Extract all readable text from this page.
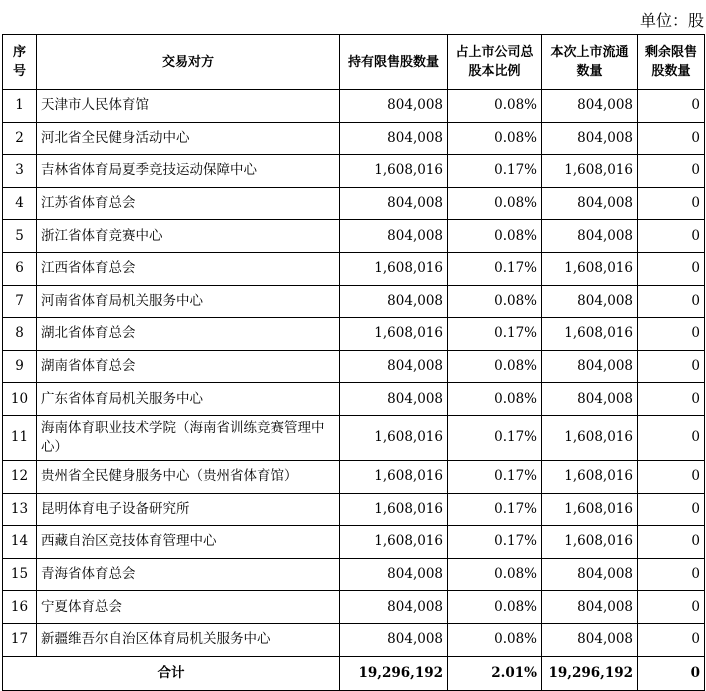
单位：股
序号	交易对方	持有限售股数量	占上市公司总股本比例	本次上市流通数量	剩余限售股数量
1	天津市人民体育馆	804,008	0.08%	804,008	0
2	河北省全民健身活动中心	804,008	0.08%	804,008	0
3	吉林省体育局夏季竞技运动保障中心	1,608,016	0.17%	1,608,016	0
4	江苏省体育总会	804,008	0.08%	804,008	0
5	浙江省体育竞赛中心	804,008	0.08%	804,008	0
6	江西省体育总会	1,608,016	0.17%	1,608,016	0
7	河南省体育局机关服务中心	804,008	0.08%	804,008	0
8	湖北省体育总会	1,608,016	0.17%	1,608,016	0
9	湖南省体育总会	804,008	0.08%	804,008	0
10	广东省体育局机关服务中心	804,008	0.08%	804,008	0
11	海南体育职业技术学院（海南省训练竞赛管理中心）	1,608,016	0.17%	1,608,016	0
12	贵州省全民健身服务中心（贵州省体育馆）	1,608,016	0.17%	1,608,016	0
13	昆明体育电子设备研究所	1,608,016	0.17%	1,608,016	0
14	西藏自治区竞技体育管理中心	1,608,016	0.17%	1,608,016	0
15	青海省体育总会	804,008	0.08%	804,008	0
16	宁夏体育总会	804,008	0.08%	804,008	0
17	新疆维吾尔自治区体育局机关服务中心	804,008	0.08%	804,008	0
合计		19,296,192	2.01%	19,296,192	0
